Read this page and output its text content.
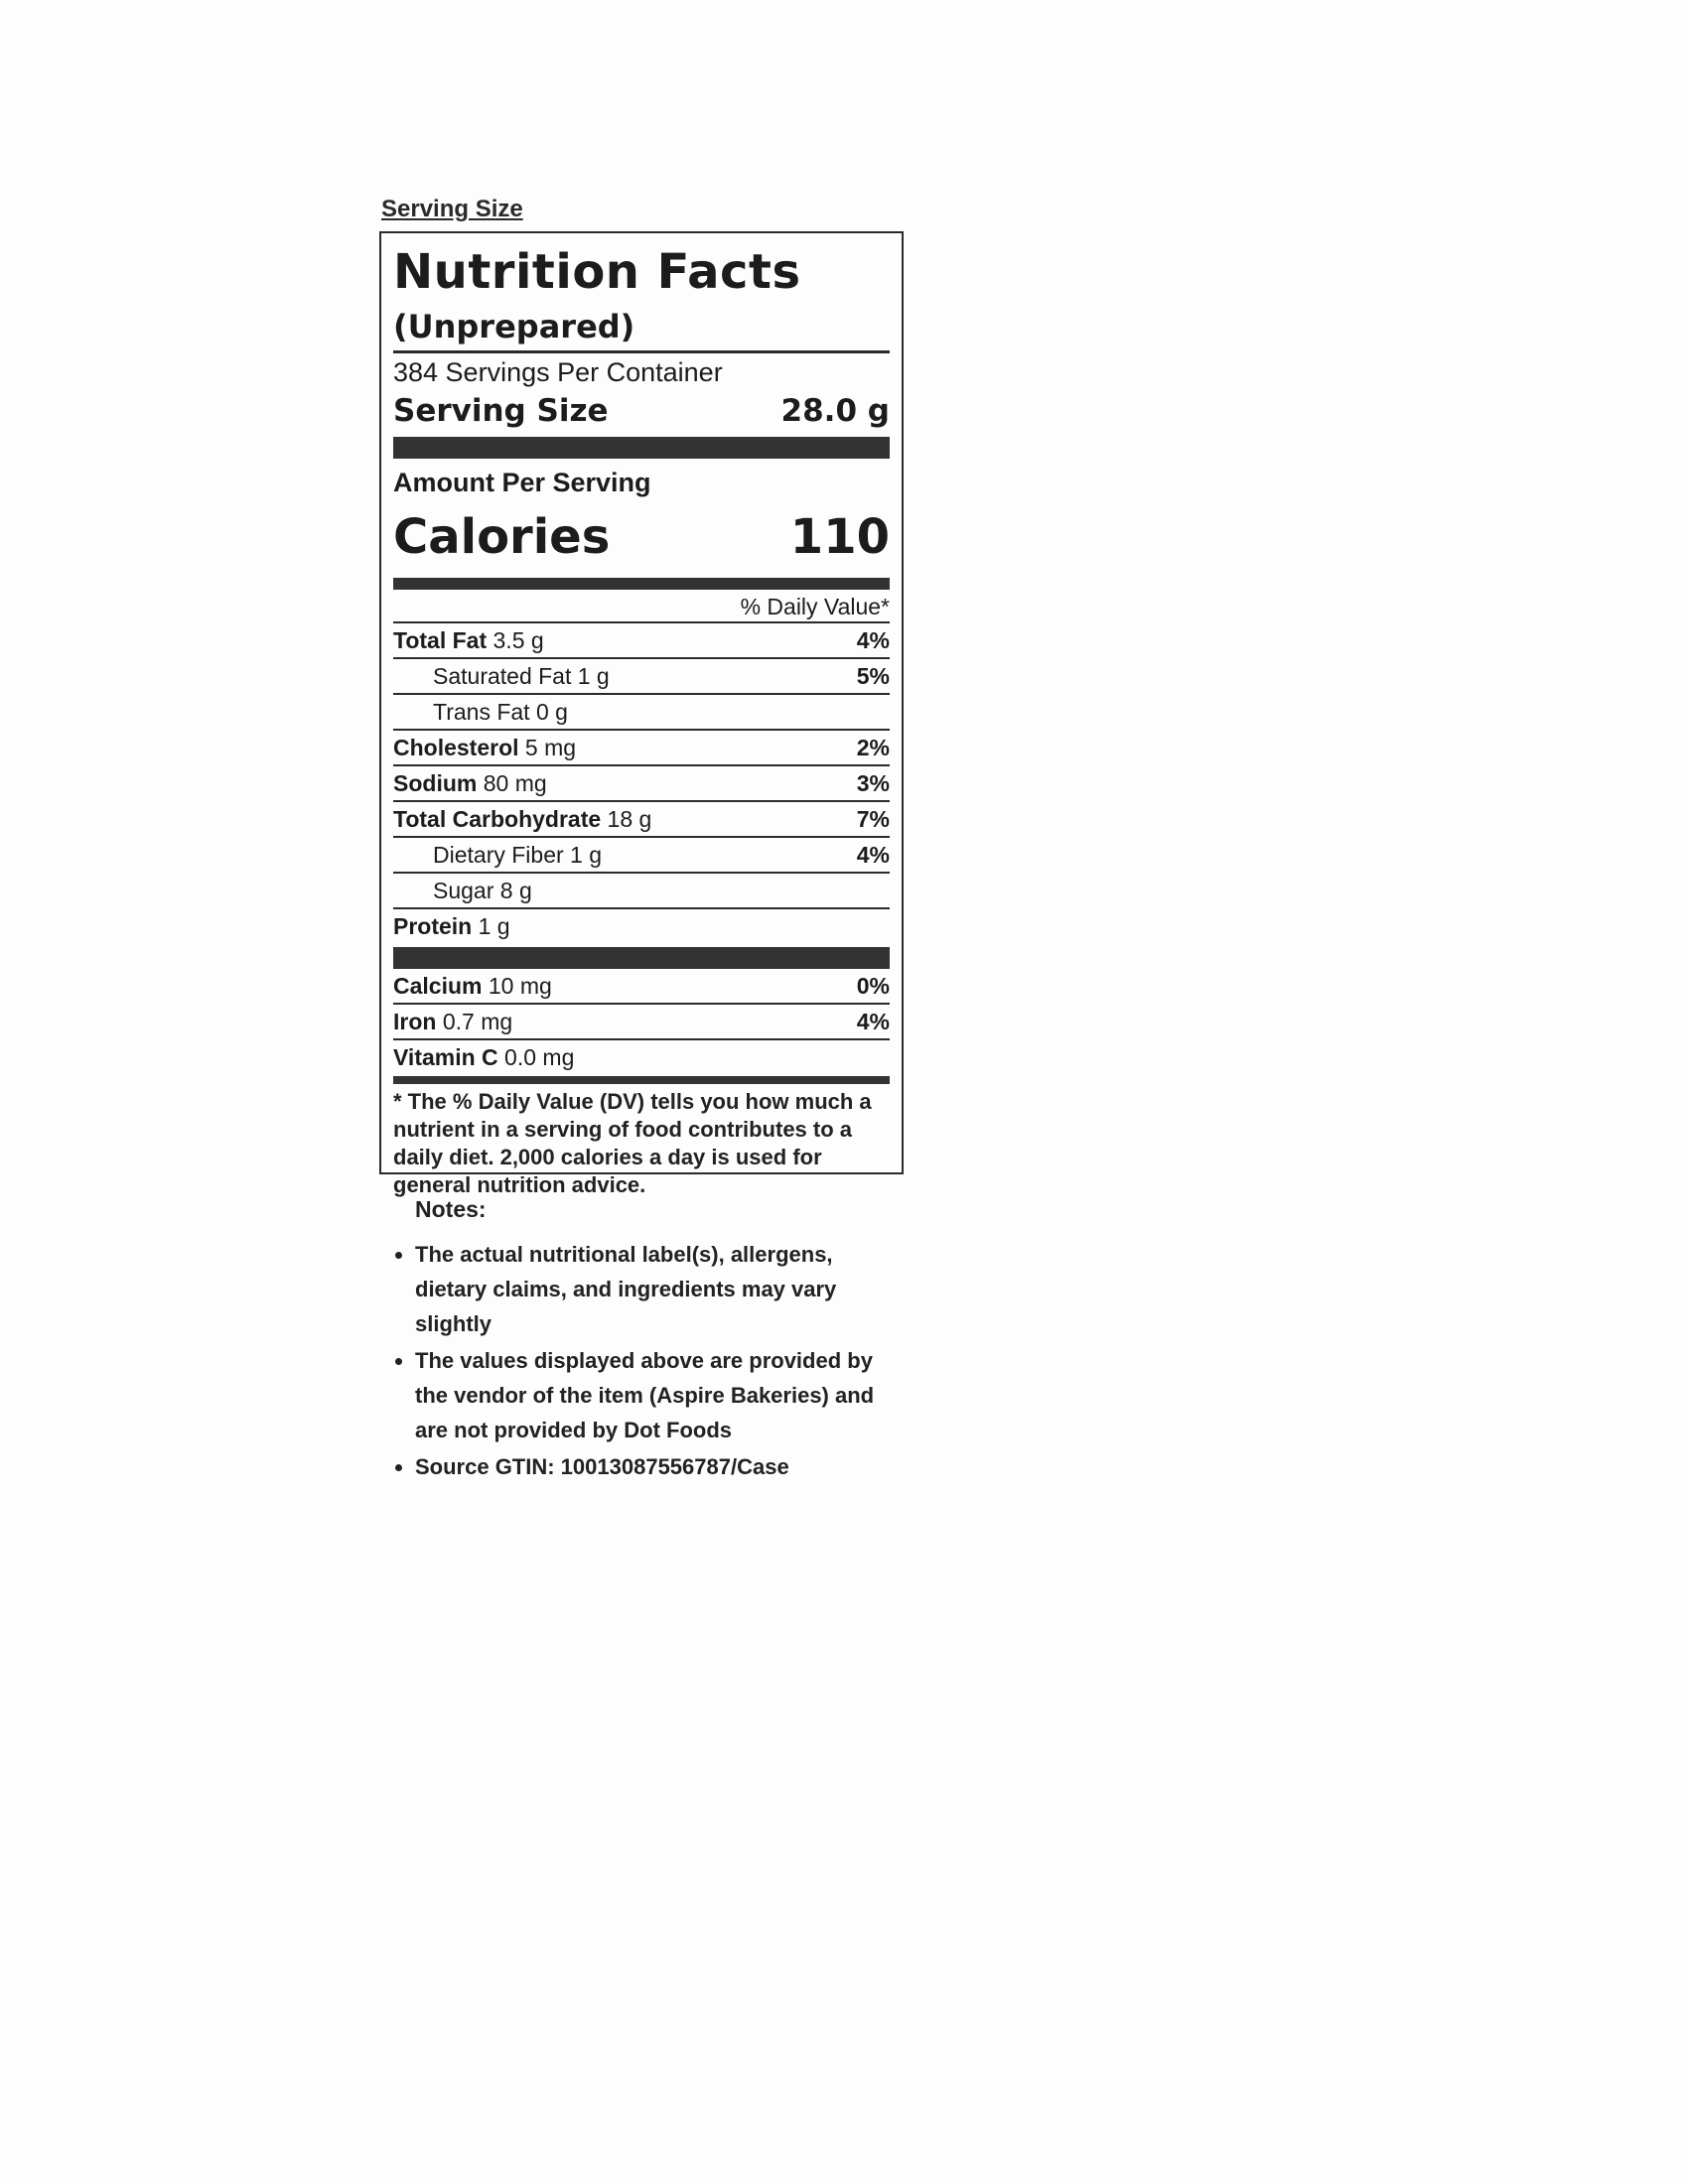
Serving Size
Nutrition Facts
(Unprepared)
384 Servings Per Container
Serving Size	28.0 g
Amount Per Serving
Calories	110
% Daily Value*
Total Fat 3.5 g	4%
Saturated Fat 1 g	5%
Trans Fat 0 g
Cholesterol 5 mg	2%
Sodium 80 mg	3%
Total Carbohydrate 18 g	7%
Dietary Fiber 1 g	4%
Sugar 8 g
Protein 1 g
Calcium 10 mg	0%
Iron 0.7 mg	4%
Vitamin C 0.0 mg
* The % Daily Value (DV) tells you how much a nutrient in a serving of food contributes to a daily diet. 2,000 calories a day is used for general nutrition advice.
Notes:
• The actual nutritional label(s), allergens, dietary claims, and ingredients may vary slightly
• The values displayed above are provided by the vendor of the item (Aspire Bakeries) and are not provided by Dot Foods
• Source GTIN: 10013087556787/Case
